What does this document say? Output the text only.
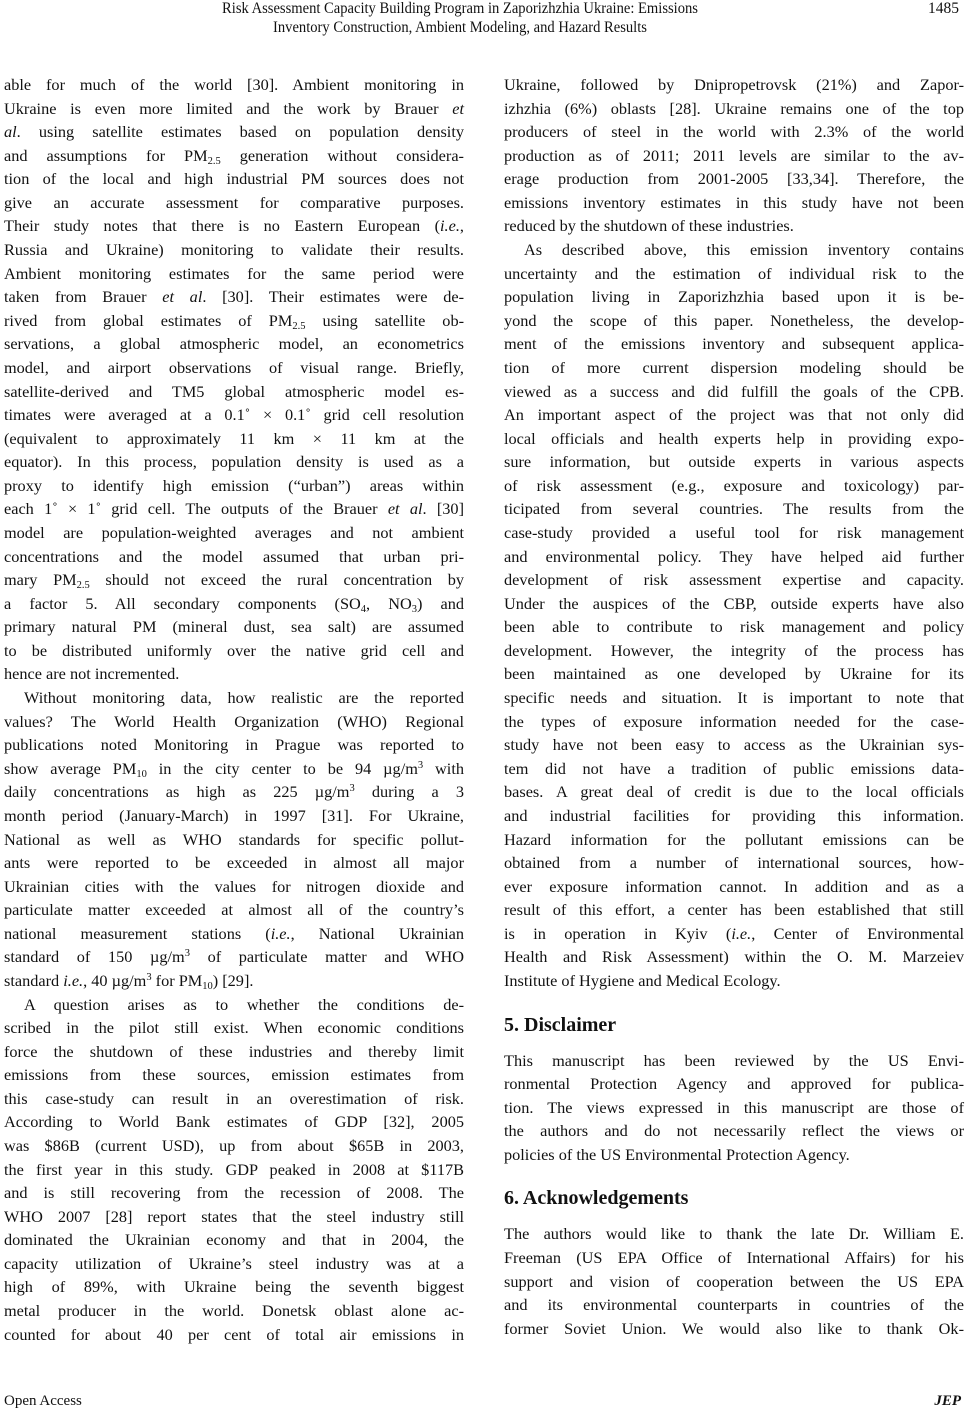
Risk Assessment Capacity Building Program in Zaporizhzhia Ukraine: Emissions
Inventory Construction, Ambient Modeling, and Hazard Results
1485
able for much of the world [30]. Ambient monitoring in
Ukraine is even more limited and the work by Brauer et
al. using satellite estimates based on population density
and assumptions for $PM_{2.5}$ generation without considera-
tion of the local and high industrial PM sources does not
give an accurate assessment for comparative purposes.
Their study notes that there is no Eastern European (i.e.,
Russia and Ukraine) monitoring to validate their results.
Ambient monitoring estimates for the same period were
taken from Brauer et al. [30]. Their estimates were de-
rived from global estimates of $PM_{2.5}$ using satellite ob-
servations, a global atmospheric model, an econometrics
model, and airport observations of visual range. Briefly,
satellite-derived and TM5 global atmospheric model es-
timates were averaged at a 0.1˚ × 0.1˚ grid cell resolution
(equivalent to approximately 11 km × 11 km at the
equator). In this process, population density is used as a
proxy to identify high emission (“urban”) areas within
each 1˚ × 1˚ grid cell. The outputs of the Brauer et al. [30]
model are population-weighted averages and not ambient
concentrations and the model assumed that urban pri-
mary $PM_{2.5}$ should not exceed the rural concentration by
a factor 5. All secondary components ($SO_4$, $NO_3$) and
primary natural PM (mineral dust, sea salt) are assumed
to be distributed uniformly over the native grid cell and
hence are not incremented.
Without monitoring data, how realistic are the reported
values? The World Health Organization (WHO) Regional
publications noted Monitoring in Prague was reported to
show average $PM_{10}$ in the city center to be 94 $\mu g/m^3$ with
daily concentrations as high as 225 $\mu g/m^3$ during a 3
month period (January-March) in 1997 [31]. For Ukraine,
National as well as WHO standards for specific pollut-
ants were reported to be exceeded in almost all major
Ukrainian cities with the values for nitrogen dioxide and
particulate matter exceeded at almost all of the country’s
national measurement stations (i.e., National Ukrainian
standard of 150 $\mu g/m^3$ of particulate matter and WHO
standard i.e., 40 $\mu g/m^3$ for $PM_{10}$) [29].
A question arises as to whether the conditions de-
scribed in the pilot still exist. When economic conditions
force the shutdown of these industries and thereby limit
emissions from these sources, emission estimates from
this case-study can result in an overestimation of risk.
According to World Bank estimates of GDP [32], 2005
was $86B (current USD), up from about $65B in 2003,
the first year in this study. GDP peaked in 2008 at $117B
and is still recovering from the recession of 2008. The
WHO 2007 [28] report states that the steel industry still
dominated the Ukrainian economy and that in 2004, the
capacity utilization of Ukraine’s steel industry was at a
high of 89%, with Ukraine being the seventh biggest
metal producer in the world. Donetsk oblast alone ac-
counted for about 40 per cent of total air emissions in
Ukraine, followed by Dnipropetrovsk (21%) and Zapor-
izhzhia (6%) oblasts [28]. Ukraine remains one of the top
producers of steel in the world with 2.3% of the world
production as of 2011; 2011 levels are similar to the av-
erage production from 2001-2005 [33,34]. Therefore, the
emissions inventory estimates in this study have not been
reduced by the shutdown of these industries.
As described above, this emission inventory contains
uncertainty and the estimation of individual risk to the
population living in Zaporizhzhia based upon it is be-
yond the scope of this paper. Nonetheless, the develop-
ment of the emissions inventory and subsequent applica-
tion of more current dispersion modeling should be
viewed as a success and did fulfill the goals of the CPB.
An important aspect of the project was that not only did
local officials and health experts help in providing expo-
sure information, but outside experts in various aspects
of risk assessment (e.g., exposure and toxicology) par-
ticipated from several countries. The results from the
case-study provided a useful tool for risk management
and environmental policy. They have helped aid further
development of risk assessment expertise and capacity.
Under the auspices of the CBP, outside experts have also
been able to contribute to risk management and policy
development. However, the integrity of the process has
been maintained as one developed by Ukraine for its
specific needs and situation. It is important to note that
the types of exposure information needed for the case-
study have not been easy to access as the Ukrainian sys-
tem did not have a tradition of public emissions data-
bases. A great deal of credit is due to the local officials
and industrial facilities for providing this information.
Hazard information for the pollutant emissions can be
obtained from a number of international sources, how-
ever exposure information cannot. In addition and as a
result of this effort, a center has been established that still
is in operation in Kyiv (i.e., Center of Environmental
Health and Risk Assessment) within the O. M. Marzeiev
Institute of Hygiene and Medical Ecology.
5. Disclaimer
This manuscript has been reviewed by the US Envi-
ronmental Protection Agency and approved for publica-
tion. The views expressed in this manuscript are those of
the authors and do not necessarily reflect the views or
policies of the US Environmental Protection Agency.
6. Acknowledgements
The authors would like to thank the late Dr. William E.
Freeman (US EPA Office of International Affairs) for his
support and vision of cooperation between the US EPA
and its environmental counterparts in countries of the
former Soviet Union. We would also like to thank Ok-
Open Access	JEP
